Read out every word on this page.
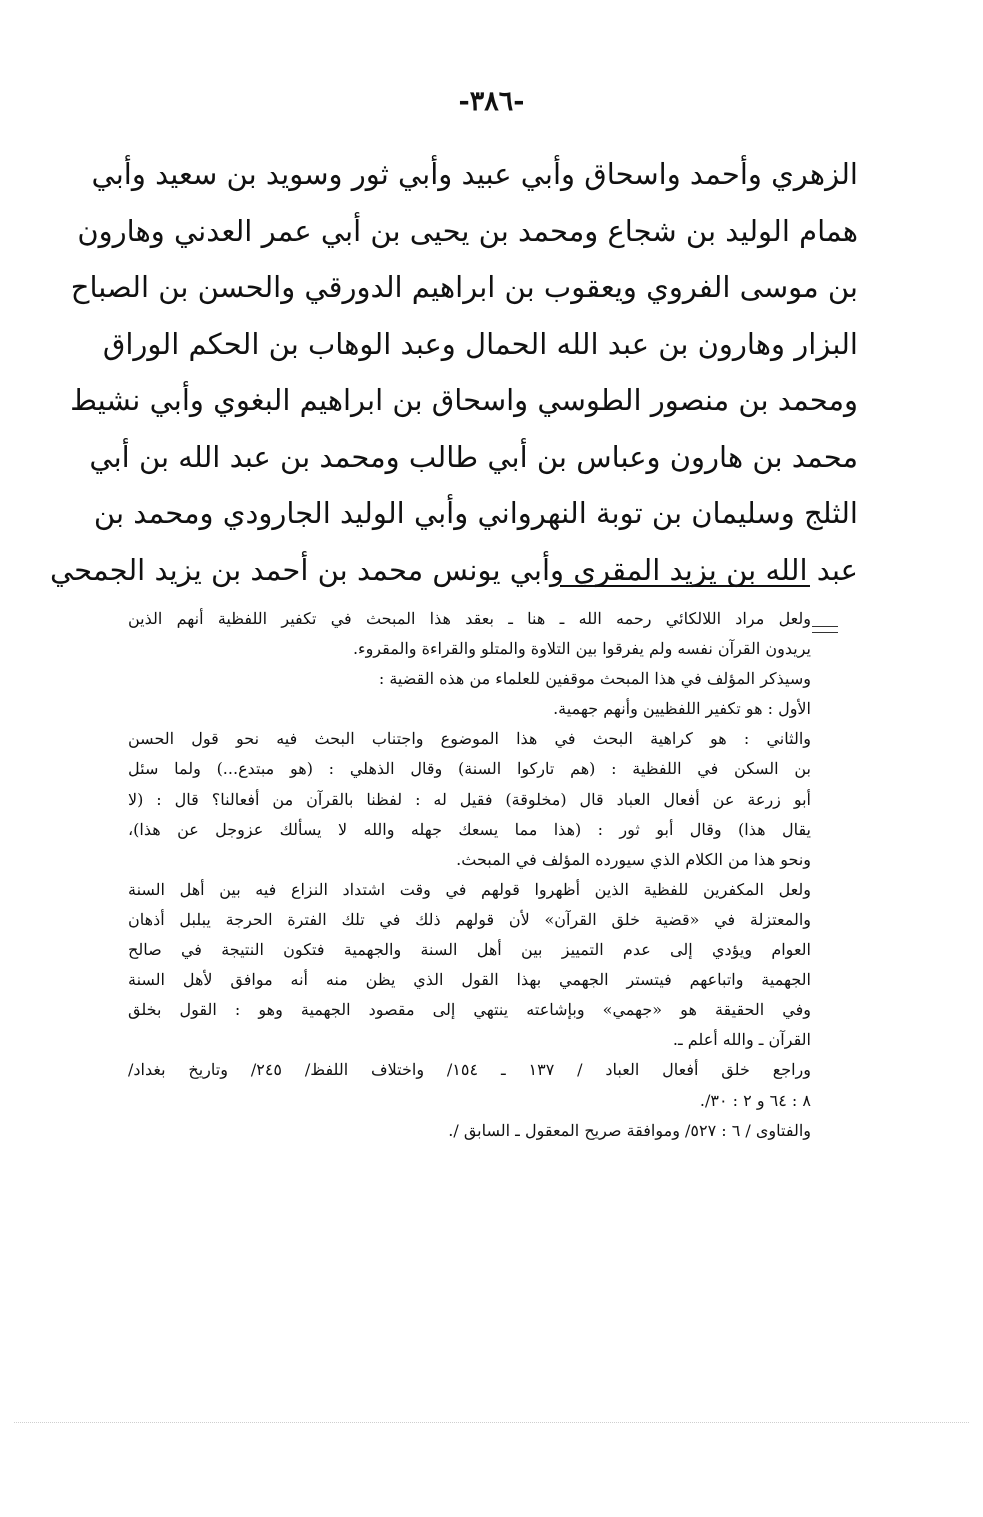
-٣٨٦-
الزهري وأحمد واسحاق وأبي عبيد وأبي ثور وسويد بن سعيد وأبي
همام الوليد بن شجاع ومحمد بن يحيى بن أبي عمر العدني وهارون
بن موسى الفروي ويعقوب بن ابراهيم الدورقي والحسن بن الصباح
البزار وهارون بن عبد الله الحمال وعبد الوهاب بن الحكم الوراق
ومحمد بن منصور الطوسي واسحاق بن ابراهيم البغوي وأبي نشيط
محمد بن هارون وعباس بن أبي طالب ومحمد بن عبد الله بن أبي
الثلج وسليمان بن توبة النهرواني وأبي الوليد الجارودي ومحمد بن
عبد الله بن يزيد المقري وأبي يونس محمد بن أحمد بن يزيد الجمحي
ولعل مراد اللالكائي رحمه الله ـ هنا ـ بعقد هذا المبحث في تكفير اللفظية أنهم الذين
يريدون القرآن نفسه ولم يفرقوا بين التلاوة والمتلو والقراءة والمقروء.
وسيذكر المؤلف في هذا المبحث موقفين للعلماء من هذه القضية :
الأول : هو تكفير اللفظيين وأنهم جهمية.
والثاني : هو كراهية البحث في هذا الموضوع واجتناب البحث فيه نحو قول الحسن
بن السكن في اللفظية : (هم تاركوا السنة) وقال الذهلي : (هو مبتدع...) ولما سئل
أبو زرعة عن أفعال العباد قال (مخلوقة) فقيل له : لفظنا بالقرآن من أفعالنا؟ قال : (لا
يقال هذا) وقال أبو ثور : (هذا مما يسعك جهله والله لا يسألك عزوجل عن هذا)،
ونحو هذا من الكلام الذي سيورده المؤلف في المبحث.
ولعل المكفرين للفظية الذين أظهروا قولهم في وقت اشتداد النزاع فيه بين أهل السنة
والمعتزلة في «قضية خلق القرآن» لأن قولهم ذلك في تلك الفترة الحرجة يبلبل أذهان
العوام ويؤدي إلى عدم التمييز بين أهل السنة والجهمية فتكون النتيجة في صالح
الجهمية واتباعهم فيتستر الجهمي بهذا القول الذي يظن منه أنه موافق لأهل السنة
وفي الحقيقة هو «جهمي» وبإشاعته ينتهي إلى مقصود الجهمية وهو : القول بخلق
القرآن ـ والله أعلم ـ.
وراجع خلق أفعال العباد / ١٣٧ ـ ١٥٤/ واختلاف اللفظ/ ٢٤٥/ وتاريخ بغداد/
٨ : ٦٤ و ٢ : ٣٠/.
والفتاوى / ٦ : ٥٢٧/ وموافقة صريح المعقول ـ السابق /.
